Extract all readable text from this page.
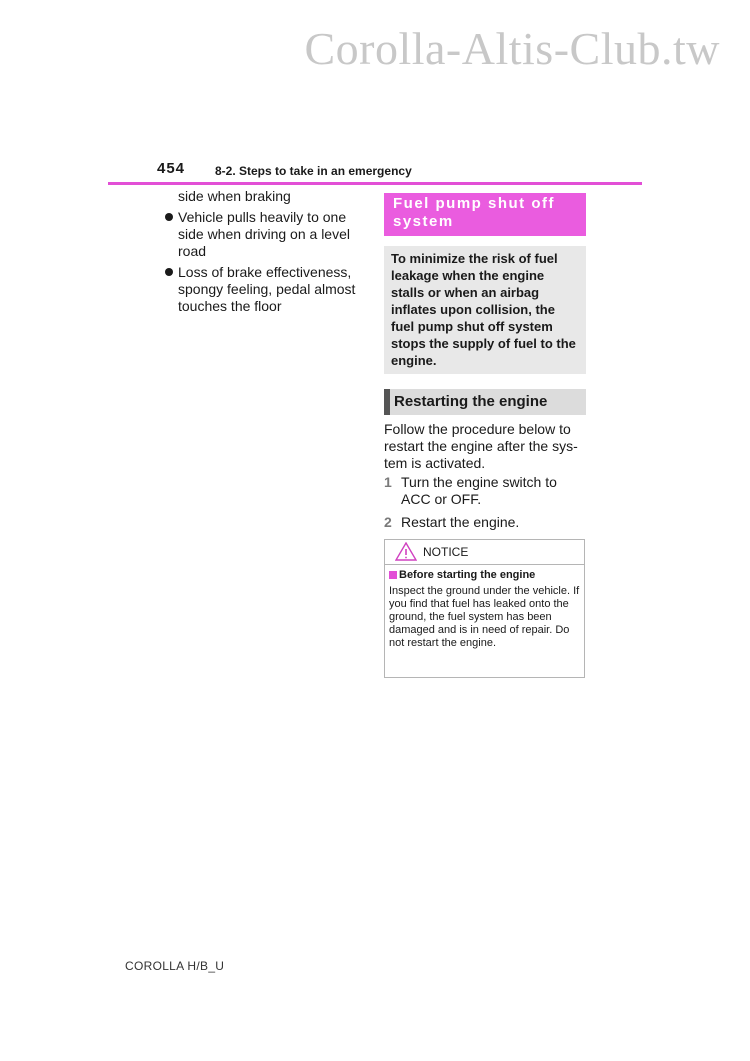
Corolla-Altis-Club.tw
454 8-2. Steps to take in an emergency
side when braking
Vehicle pulls heavily to one side when driving on a level road
Loss of brake effectiveness, spongy feeling, pedal almost touches the floor
Fuel pump shut off system
To minimize the risk of fuel leakage when the engine stalls or when an airbag inflates upon collision, the fuel pump shut off system stops the supply of fuel to the engine.
Restarting the engine
Follow the procedure below to restart the engine after the sys-tem is activated.
1 Turn the engine switch to ACC or OFF.
2 Restart the engine.
NOTICE
Before starting the engine
Inspect the ground under the vehicle. If you find that fuel has leaked onto the ground, the fuel system has been damaged and is in need of repair. Do not restart the engine.
COROLLA H/B_U
